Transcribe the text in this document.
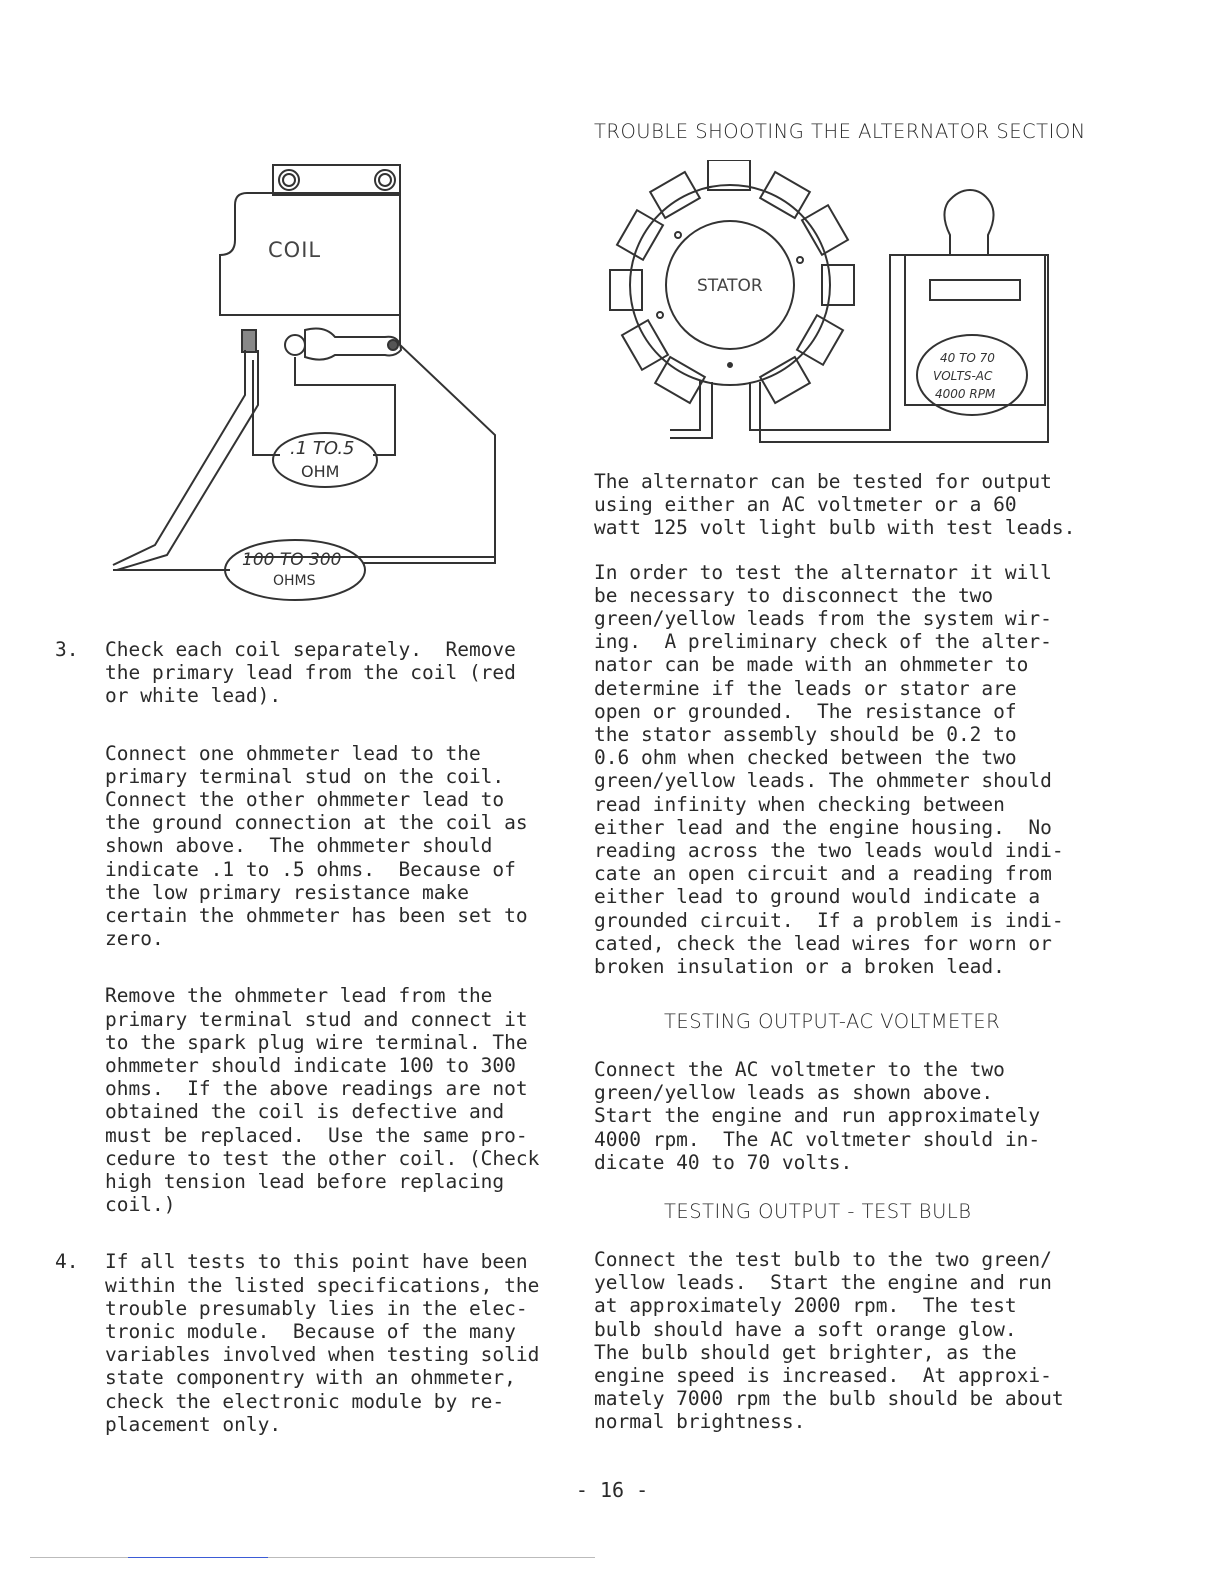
COIL
.1 TO.5
OHM
100 TO 300
OHMS
3. Check each coil separately.  Remove
the primary lead from the coil (red
or white lead).
Connect one ohmmeter lead to the
primary terminal stud on the coil.
Connect the other ohmmeter lead to
the ground connection at the coil as
shown above.  The ohmmeter should
indicate .1 to .5 ohms.  Because of
the low primary resistance make
certain the ohmmeter has been set to
zero.
Remove the ohmmeter lead from the
primary terminal stud and connect it
to the spark plug wire terminal. The
ohmmeter should indicate 100 to 300
ohms.  If the above readings are not
obtained the coil is defective and
must be replaced.  Use the same pro-
cedure to test the other coil. (Check
high tension lead before replacing
coil.)
4. If all tests to this point have been
within the listed specifications, the
trouble presumably lies in the elec-
tronic module.  Because of the many
variables involved when testing solid
state componentry with an ohmmeter,
check the electronic module by re-
placement only.
TROUBLE SHOOTING THE ALTERNATOR SECTION
STATOR
40 TO 70
VOLTS-AC
4000 RPM
The alternator can be tested for output
using either an AC voltmeter or a 60
watt 125 volt light bulb with test leads.
In order to test the alternator it will
be necessary to disconnect the two
green/yellow leads from the system wir-
ing.  A preliminary check of the alter-
nator can be made with an ohmmeter to
determine if the leads or stator are
open or grounded.  The resistance of
the stator assembly should be 0.2 to
0.6 ohm when checked between the two
green/yellow leads. The ohmmeter should
read infinity when checking between
either lead and the engine housing.  No
reading across the two leads would indi-
cate an open circuit and a reading from
either lead to ground would indicate a
grounded circuit.  If a problem is indi-
cated, check the lead wires for worn or
broken insulation or a broken lead.
TESTING OUTPUT-AC VOLTMETER
Connect the AC voltmeter to the two
green/yellow leads as shown above.
Start the engine and run approximately
4000 rpm.  The AC voltmeter should in-
dicate 40 to 70 volts.
TESTING OUTPUT - TEST BULB
Connect the test bulb to the two green/
yellow leads.  Start the engine and run
at approximately 2000 rpm.  The test
bulb should have a soft orange glow.
The bulb should get brighter, as the
engine speed is increased.  At approxi-
mately 7000 rpm the bulb should be about
normal brightness.
- 16 -
